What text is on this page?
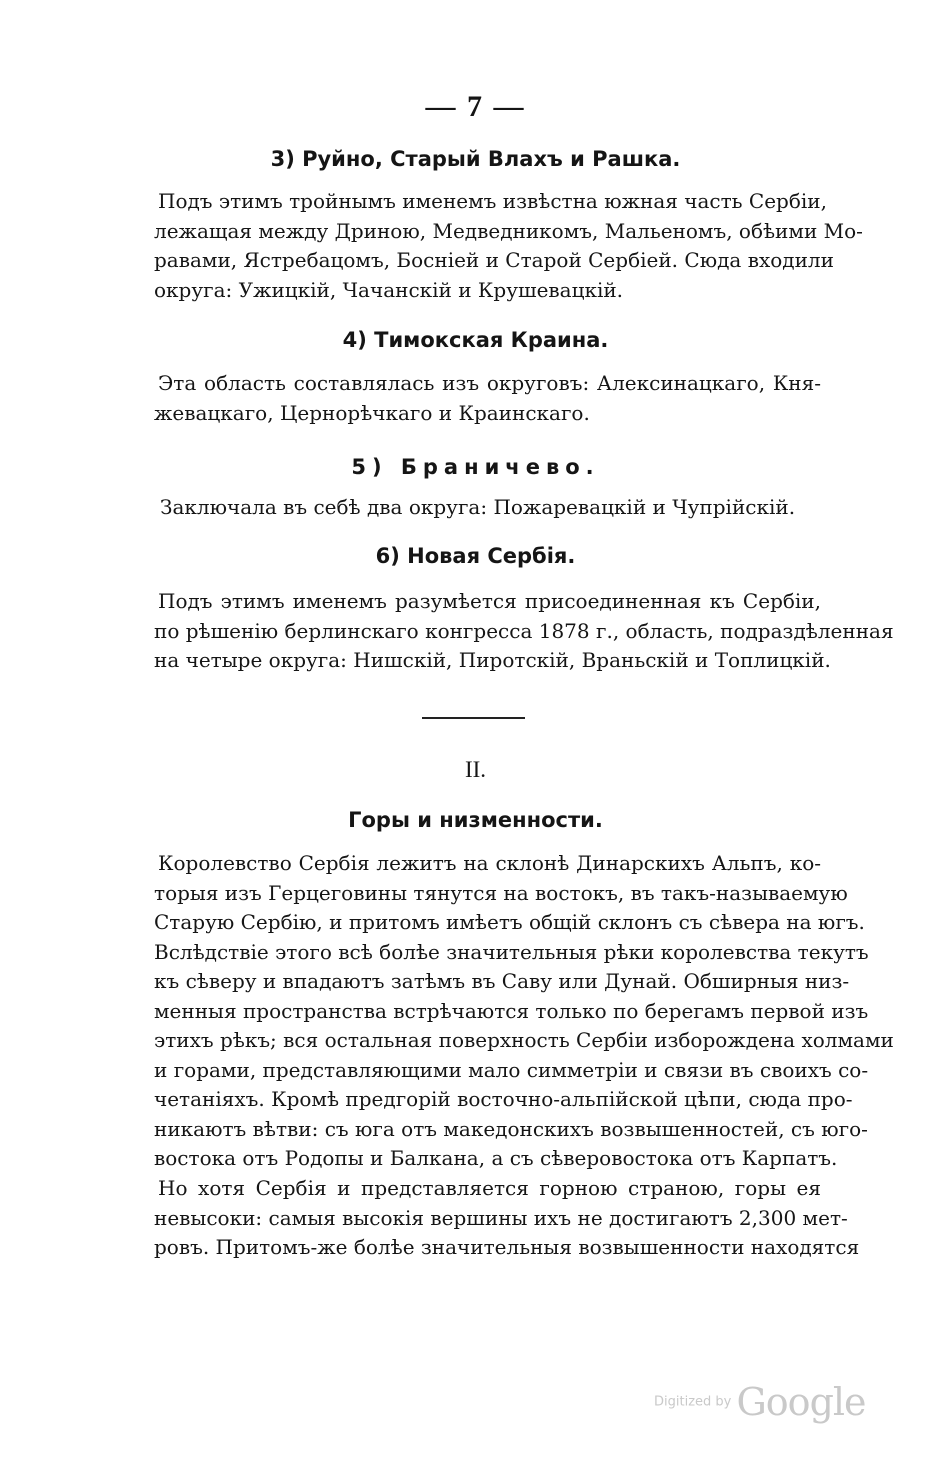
— 7 —
3) Руйно, Старый Влахъ и Рашка.
Подъ этимъ тройнымъ именемъ извѣстна южная часть Сербіи,
лежащая между Дриною, Медведникомъ, Мальеномъ, обѣими Мо-
равами, Ястребацомъ, Босніей и Старой Сербіей. Сюда входили
округа: Ужицкій, Чачанскій и Крушевацкій.
4) Тимокская Краина.
Эта область составлялась изъ округовъ: Алексинацкаго, Кня-
жевацкаго, Цернорѣчкаго и Краинскаго.
5) Браничево.
Заключала въ себѣ два округа: Пожаревацкій и Чупрійскій.
6) Новая Сербія.
Подъ этимъ именемъ разумѣется присоединенная къ Сербіи,
по рѣшенію берлинскаго конгресса 1878 г., область, подраздѣленная
на четыре округа: Нишскій, Пиротскій, Враньскій и Топлицкій.
II.
Горы и низменности.
Королевство Сербія лежитъ на склонѣ Динарскихъ Альпъ, ко-
торыя изъ Герцеговины тянутся на востокъ, въ такъ-называемую
Старую Сербію, и притомъ имѣетъ общій склонъ съ сѣвера на югъ.
Вслѣдствіе этого всѣ болѣе значительныя рѣки королевства текутъ
къ сѣверу и впадаютъ затѣмъ въ Саву или Дунай. Обширныя низ-
менныя пространства встрѣчаются только по берегамъ первой изъ
этихъ рѣкъ; вся остальная поверхность Сербіи изборождена холмами
и горами, представляющими мало симметріи и связи въ своихъ со-
четаніяхъ. Кромѣ предгорій восточно-альпійской цѣпи, сюда про-
никаютъ вѣтви: съ юга отъ македонскихъ возвышенностей, съ юго-
востока отъ Родопы и Балкана, а съ сѣверовостока отъ Карпатъ.
Но хотя Сербія и представляется горною страною, горы ея
невысоки: самыя высокія вершины ихъ не достигаютъ 2,300 мет-
ровъ. Притомъ-же болѣе значительныя возвышенности находятся
Digitized by Google
